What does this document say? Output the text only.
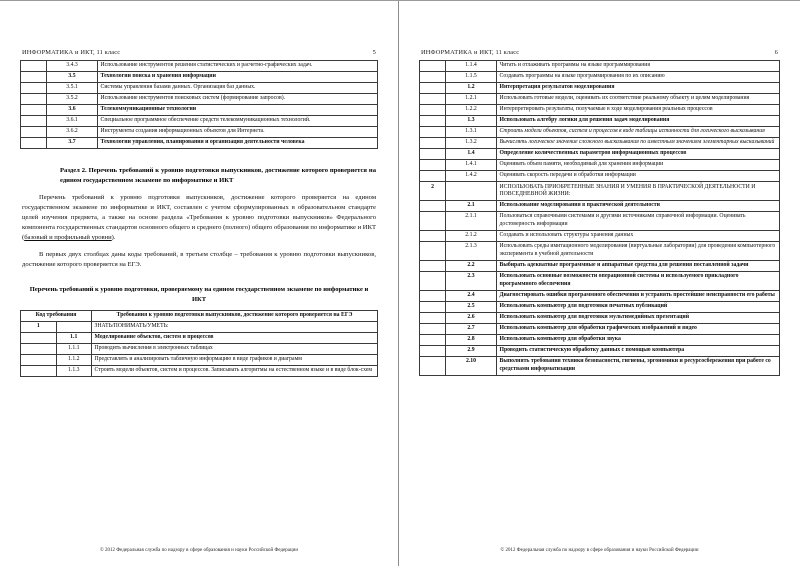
ИНФОРМАТИКА и ИКТ, 11 класс	5
	3.4.3	Использование инструментов решения статистических и расчетно-графических задач.
	3.5	Технологии поиска и хранения информации
	3.5.1	Системы управления базами данных. Организация баз данных.
	3.5.2	Использование инструментов поисковых систем (формирование запросов).
	3.6	Телекоммуникационные технологии
	3.6.1	Специальное программное обеспечение средств телекоммуникационных технологий.
	3.6.2	Инструменты создания информационных объектов для Интернета.
	3.7	Технологии управления, планирования и организация деятельности человека

Раздел 2. Перечень требований к уровню подготовки выпускников, достижение которого проверяется на едином государственном экзамене по информатике и ИКТ

Перечень требований к уровню подготовки выпускников, достижение которого проверяется на едином государственном экзамене по информатике и ИКТ, составлен с учетом сформулированных в образовательном стандарте целей изучения предмета, а также на основе раздела «Требования к уровню подготовки выпускников» Федерального компонента государственных стандартов основного общего и среднего (полного) общего образования по информатике и ИКТ (базовый и профильный уровни).

В первых двух столбцах даны коды требований, в третьем столбце – требования к уровню подготовки выпускников, достижение которого проверяется на ЕГЭ.

Перечень требований к уровню подготовки, проверяемому на едином государственном экзамене по информатике и ИКТ

Код требования		Требования к уровню подготовки выпускников, достижение которого проверяется на ЕГЭ
1		ЗНАТЬ/ПОНИМАТЬ/УМЕТЬ:
	1.1	Моделирование объектов, систем и процессов
	1.1.1	Проводить вычисления в электронных таблицах
	1.1.2	Представлять и анализировать табличную информацию в виде графиков и диаграмм
	1.1.3	Строить модели объектов, систем и процессов. Записывать алгоритмы на естественном языке и в виде блок-схем
© 2012 Федеральная служба по надзору в сфере образования и науки Российской Федерации
ИНФОРМАТИКА и ИКТ, 11 класс	6
	1.1.4	Читать и отлаживать программы на языке программирования
	1.1.5	Создавать программы на языке программирования по их описанию
	1.2	Интерпретация результатов моделирования
	1.2.1	Использовать готовые модели, оценивать их соответствие реальному объекту и целям моделирования
	1.2.2	Интерпретировать результаты, получаемые в ходе моделирования реальных процессов
	1.3	Использовать алгебру логики для решения задач моделирования
	1.3.1	Строить модели объектов, систем и процессов в виде таблицы истинности для логического высказывания
	1.3.2	Вычислять логическое значение сложного высказывания по известным значениям элементарных высказываний
	1.4	Определение количественных параметров информационных процессов
	1.4.1	Оценивать объем памяти, необходимый для хранения информации
	1.4.2	Оценивать скорость передачи и обработки информации
2		ИСПОЛЬЗОВАТЬ ПРИОБРЕТЕННЫЕ ЗНАНИЯ И УМЕНИЯ В ПРАКТИЧЕСКОЙ ДЕЯТЕЛЬНОСТИ И ПОВСЕДНЕВНОЙ ЖИЗНИ:
	2.1	Использование моделирования в практической деятельности
	2.1.1	Пользоваться справочными системами и другими источниками справочной информации. Оценивать достоверность информации
	2.1.2	Создавать и использовать структуры хранения данных
	2.1.3	Использовать среды имитационного моделирования (виртуальные лаборатории) для проведения компьютерного эксперимента в учебной деятельности
	2.2	Выбирать адекватные программные и аппаратные средства для решения поставленной задачи
	2.3	Использовать основные возможности операционной системы и используемого прикладного программного обеспечения
	2.4	Диагностировать ошибки программного обеспечения и устранять простейшие неисправности его работы
	2.5	Использовать компьютер для подготовки печатных публикаций
	2.6	Использовать компьютер для подготовки мультимедийных презентаций
	2.7	Использовать компьютер для обработки графических изображений и видео
	2.8	Использовать компьютер для обработки звука
	2.9	Проводить статистическую обработку данных с помощью компьютера
	2.10	Выполнять требования техники безопасности, гигиены, эргономики и ресурсосбережения при работе со средствами информатизации
© 2012 Федеральная служба по надзору в сфере образования и науки Российской Федерации
